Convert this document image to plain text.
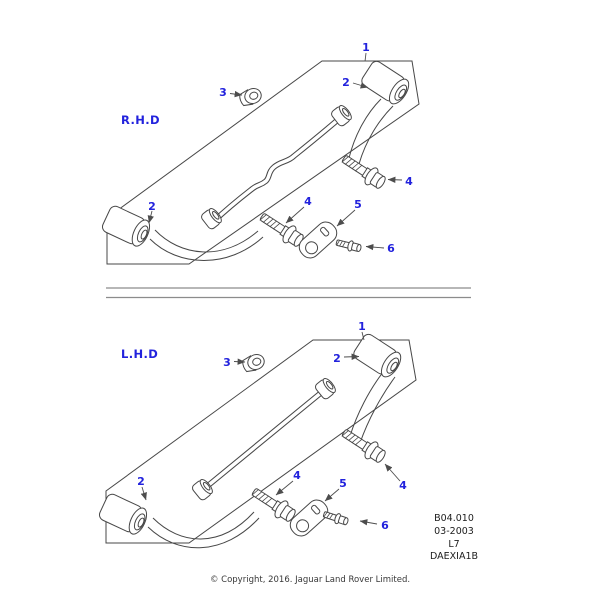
R.H.D
1
2
2
3
4
4	5
6
L.H.D
1
2
2
3
4
4
5
6
B04.010
03-2003
L7
DAEXIA1B
© Copyright, 2016. Jaguar Land Rover Limited.
